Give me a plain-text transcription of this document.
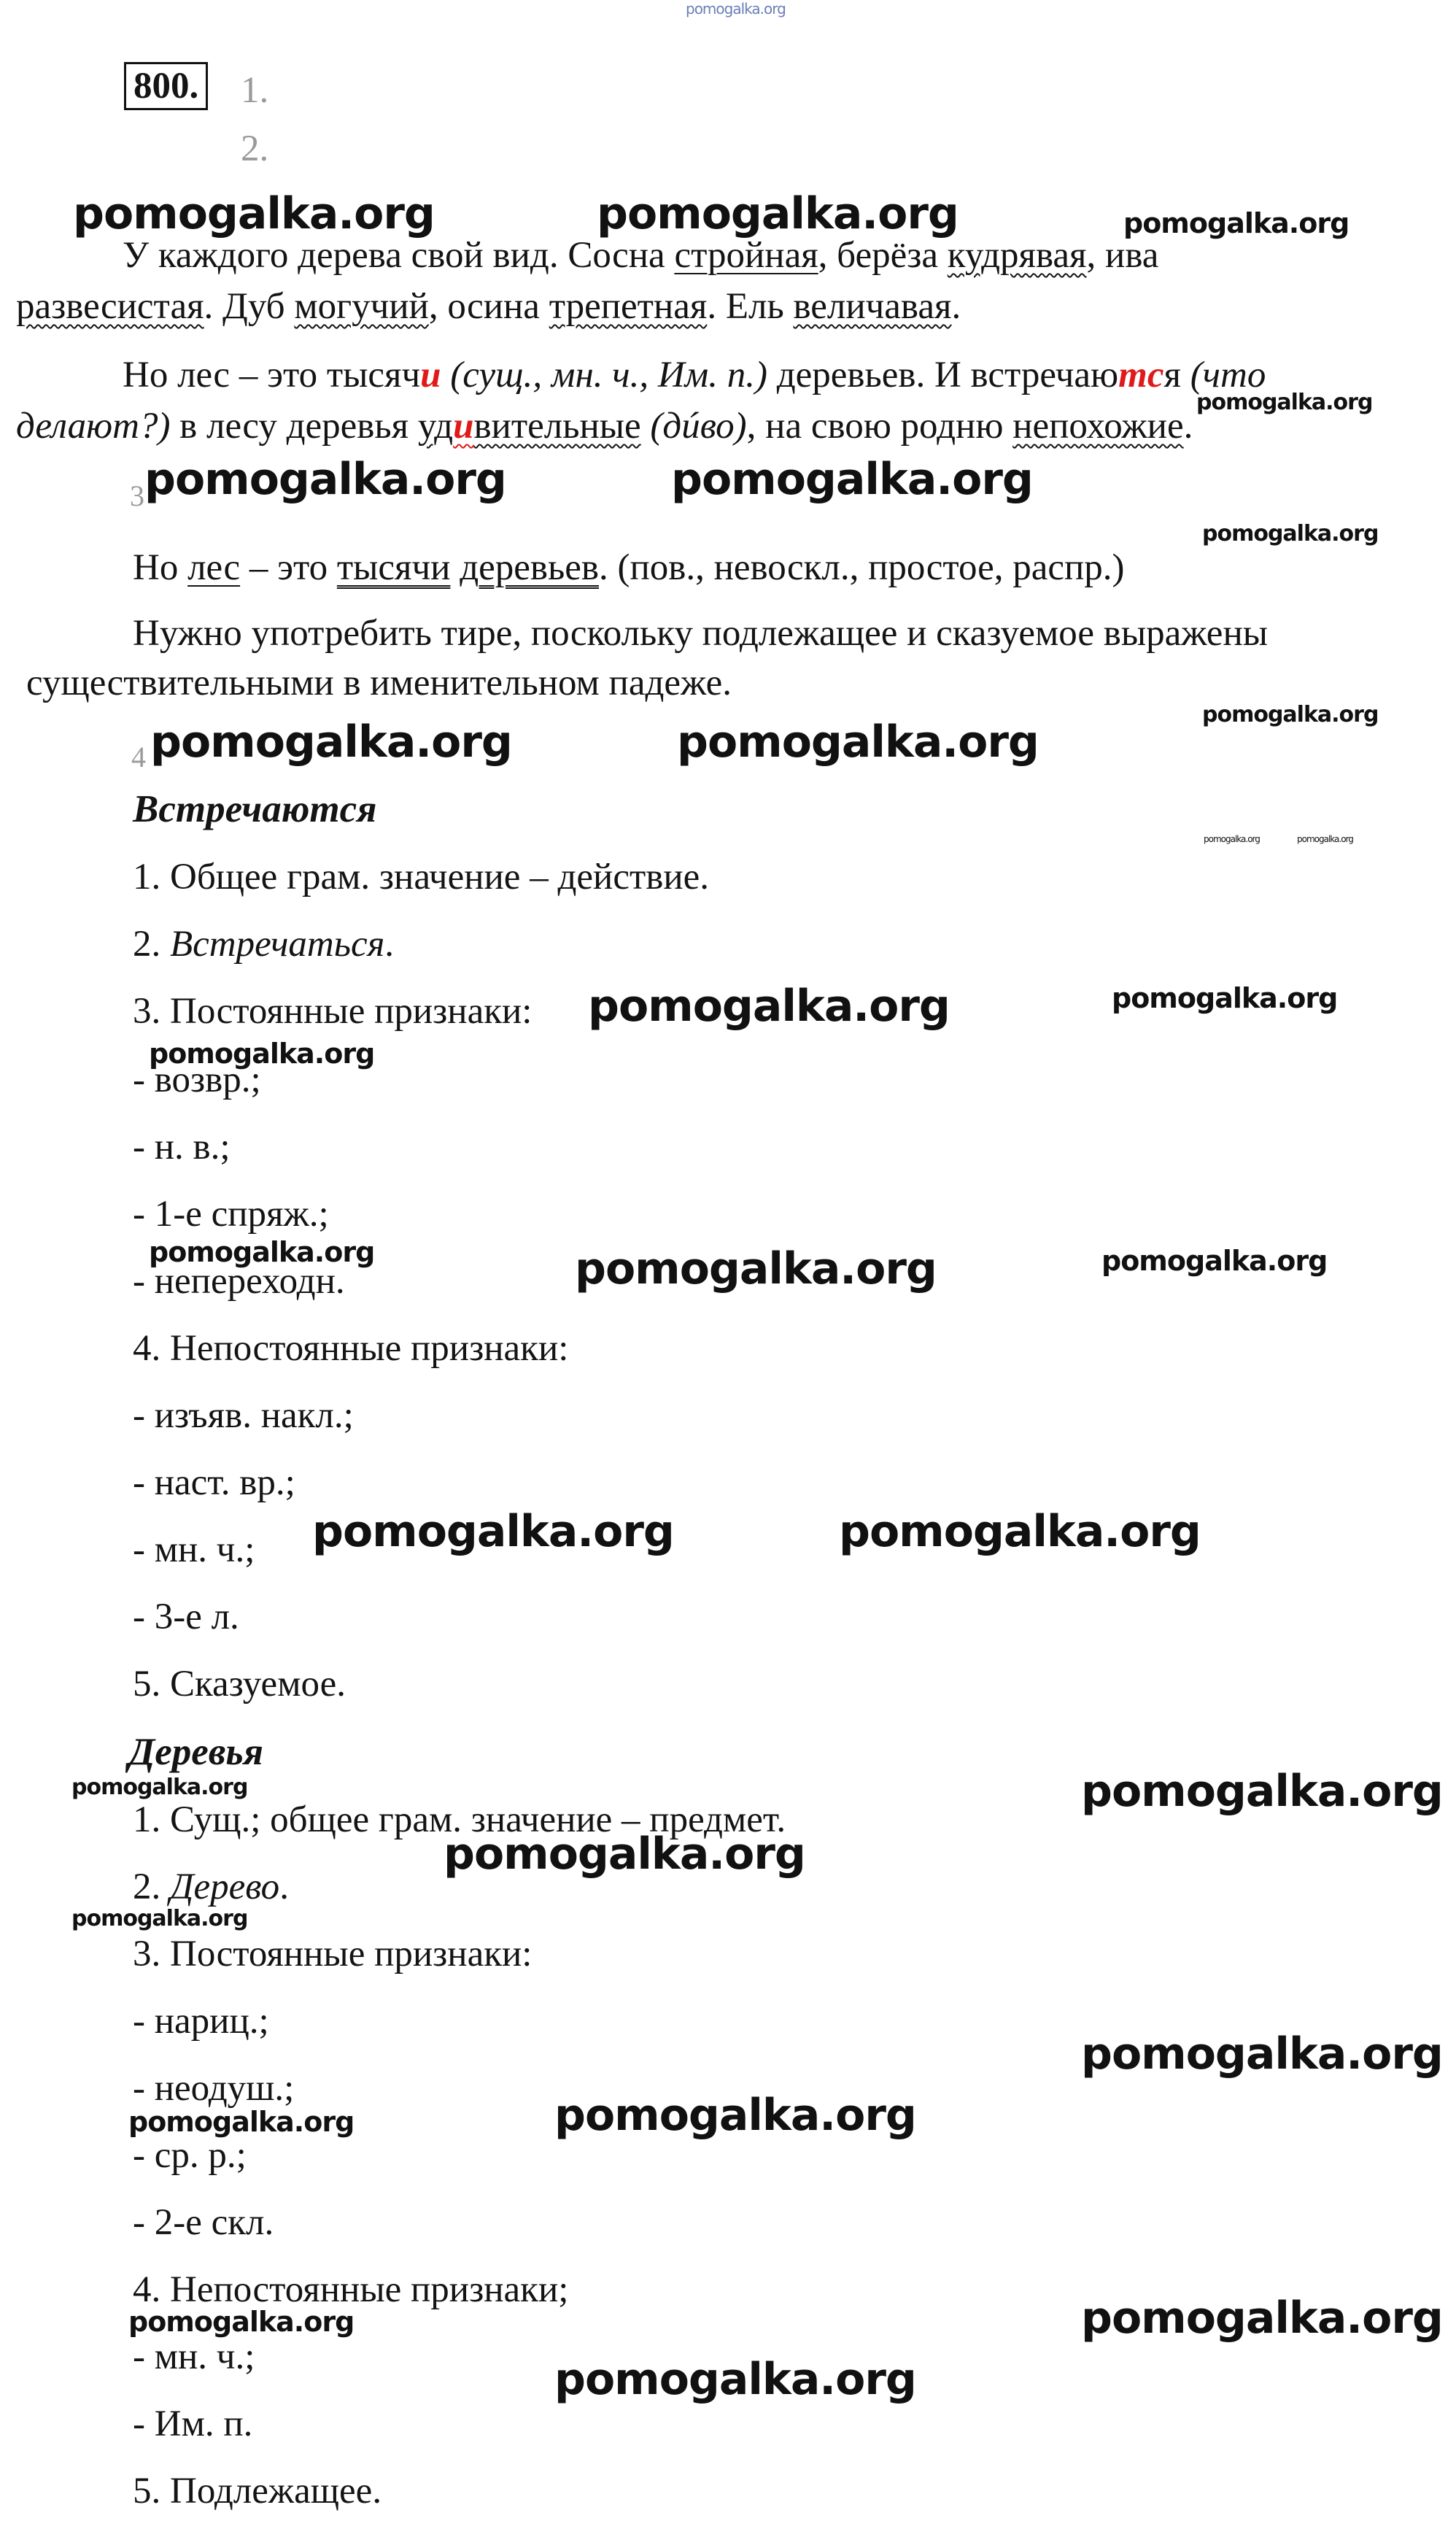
pomogalka.org
800. 1.
2.
pomogalka.org	pomogalka.org	pomogalka.org
У каждого дерева свой вид. Сосна стройная, берёза кудрявая, ива
развесистая. Дуб могучий, осина трепетная. Ель величавая.
Но лес – это тысячи (сущ., мн. ч., Им. п.) деревьев. И встречаются (что
pomogalka.org
делают?) в лесу деревья удивительные (дúво), на свою родню непохожие.
3 pomogalka.org	pomogalka.org
pomogalka.org
Но лес – это тысячи деревьев. (пов., невоскл., простое, распр.)
Нужно употребить тире, поскольку подлежащее и сказуемое выражены
существительными в именительном падеже.
pomogalka.org
4 pomogalka.org	pomogalka.org
Встречаются
pomogalka.org	pomogalka.org
1. Общее грам. значение – действие.
2. Встречаться.
3. Постоянные признаки: pomogalka.org	pomogalka.org
pomogalka.org
- возвр.;
- н. в.;
- 1-е спряж.;
pomogalka.org
- непереходн.	pomogalka.org	pomogalka.org
4. Непостоянные признаки:
- изъяв. накл.;
- наст. вр.;
- мн. ч.; pomogalka.org	pomogalka.org
- 3-е л.
5. Сказуемое.
Деревья
pomogalka.org	pomogalka.org
1. Сущ.; общее грам. значение – предмет.
pomogalka.org
2. Дерево.
pomogalka.org
3. Постоянные признаки:
- нариц.;
pomogalka.org
- неодуш.;
pomogalka.org
pomogalka.org
- ср. р.;
- 2-е скл.
4. Непостоянные признаки;
pomogalka.org
pomogalka.org
- мн. ч.;	pomogalka.org
- Им. п.
5. Подлежащее.
